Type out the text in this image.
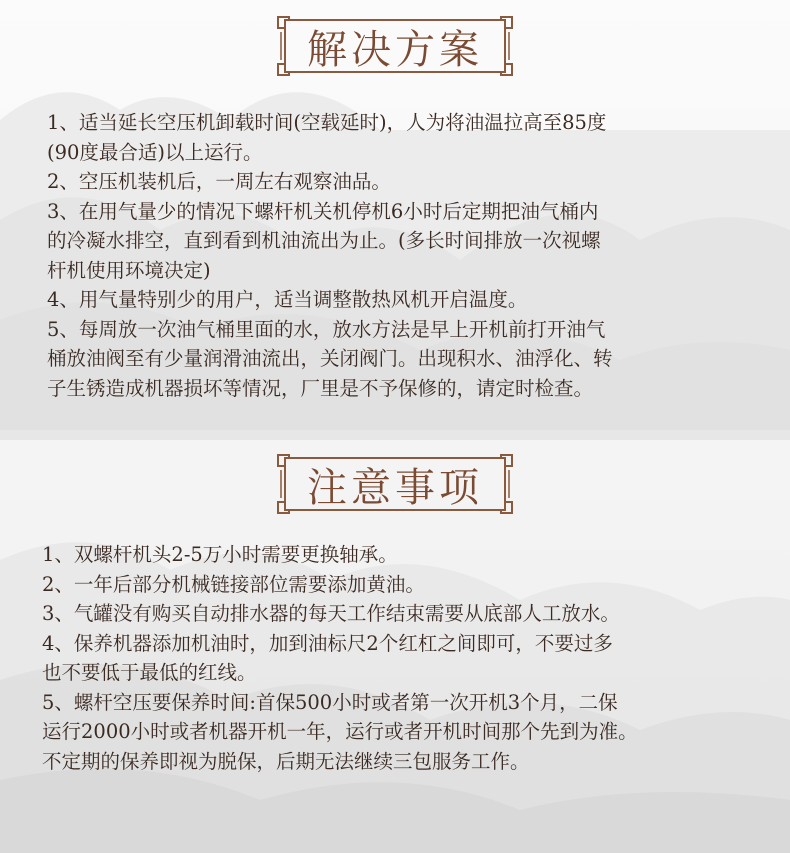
解决方案

1、适当延长空压机卸载时间(空载延时)，人为将油温拉高至85度

(90度最合适)以上运行。

2、空压机装机后，一周左右观察油品。

3、在用气量少的情况下螺杆机关机停机6小时后定期把油气桶内

的冷凝水排空，直到看到机油流出为止。(多长时间排放一次视螺

杆机使用环境决定)

4、用气量特别少的用户，适当调整散热风机开启温度。

5、每周放一次油气桶里面的水，放水方法是早上开机前打开油气

桶放油阀至有少量润滑油流出，关闭阀门。出现积水、油浮化、转

子生锈造成机器损坏等情况，厂里是不予保修的，请定时检查。

注意事项

1、双螺杆机头2-5万小时需要更换轴承。

2、一年后部分机械链接部位需要添加黄油。

3、气罐没有购买自动排水器的每天工作结束需要从底部人工放水。

4、保养机器添加机油时，加到油标尺2个红杠之间即可，不要过多

也不要低于最低的红线。

5、螺杆空压要保养时间:首保500小时或者第一次开机3个月，二保

运行2000小时或者机器开机一年，运行或者开机时间那个先到为准。

不定期的保养即视为脱保，后期无法继续三包服务工作。
